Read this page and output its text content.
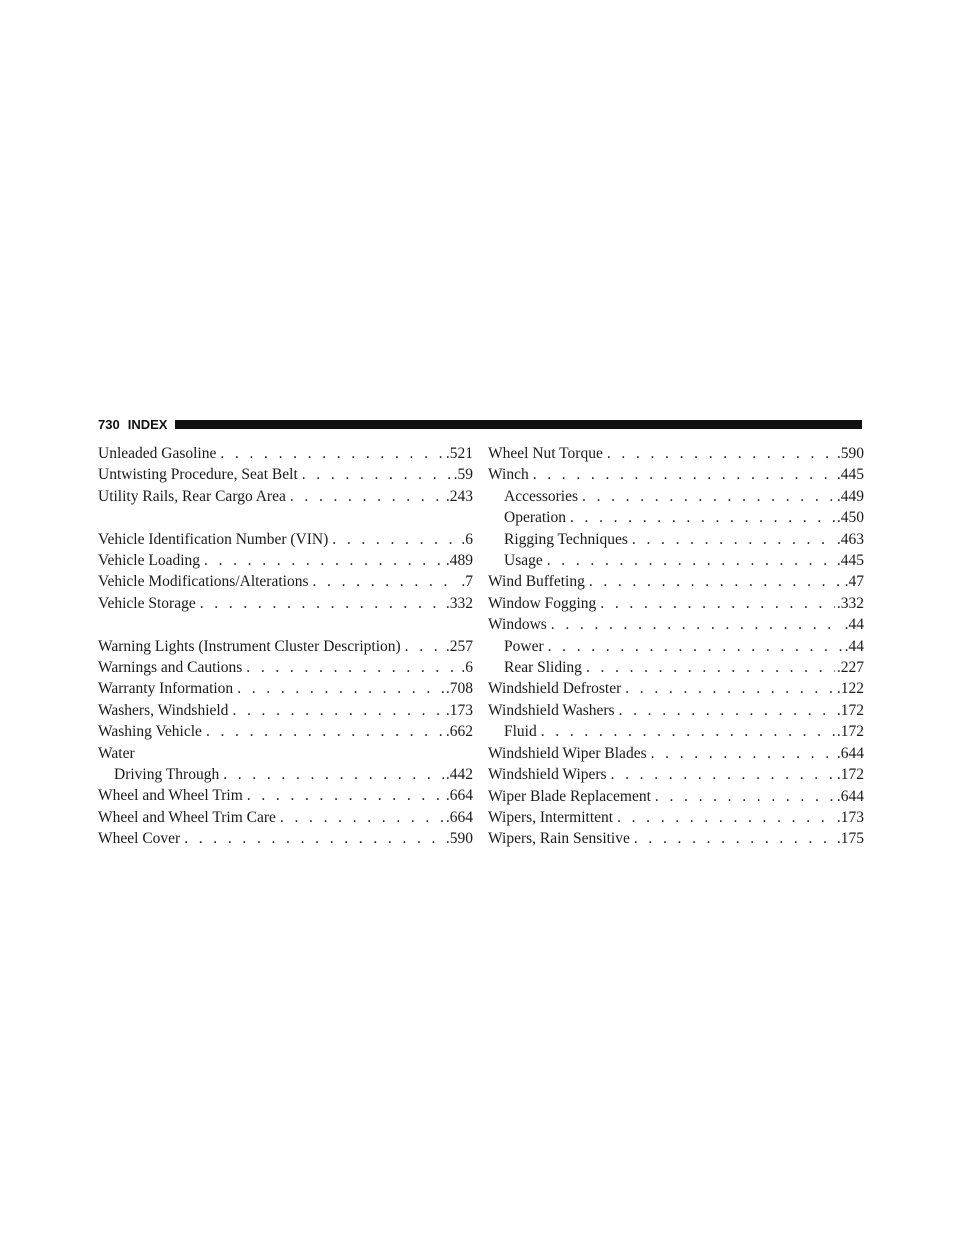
730 INDEX
Unleaded Gasoline . . .	.521
Untwisting Procedure, Seat Belt . . .	.59
Utility Rails, Rear Cargo Area . . .	.243
Vehicle Identification Number (VIN) . . .	.6
Vehicle Loading . . .	.489
Vehicle Modifications/Alterations . . .	.7
Vehicle Storage . . .	.332
Warning Lights (Instrument Cluster Description) . . .	.257
Warnings and Cautions . . .	.6
Warranty Information . . .	.708
Washers, Windshield . . .	.173
Washing Vehicle . . .	.662
Water
Driving Through . . .	.442
Wheel and Wheel Trim . . .	.664
Wheel and Wheel Trim Care . . .	.664
Wheel Cover . . .	.590
Wheel Nut Torque . . .	.590
Winch . . .	.445
Accessories . . .	.449
Operation . . .	.450
Rigging Techniques . . .	.463
Usage . . .	.445
Wind Buffeting . . .	.47
Window Fogging . . .	.332
Windows . . .	.44
Power . . .	.44
Rear Sliding . . .	.227
Windshield Defroster . . .	.122
Windshield Washers . . .	.172
Fluid . . .	.172
Windshield Wiper Blades . . .	.644
Windshield Wipers . . .	.172
Wiper Blade Replacement . . .	.644
Wipers, Intermittent . . .	.173
Wipers, Rain Sensitive . . .	.175
